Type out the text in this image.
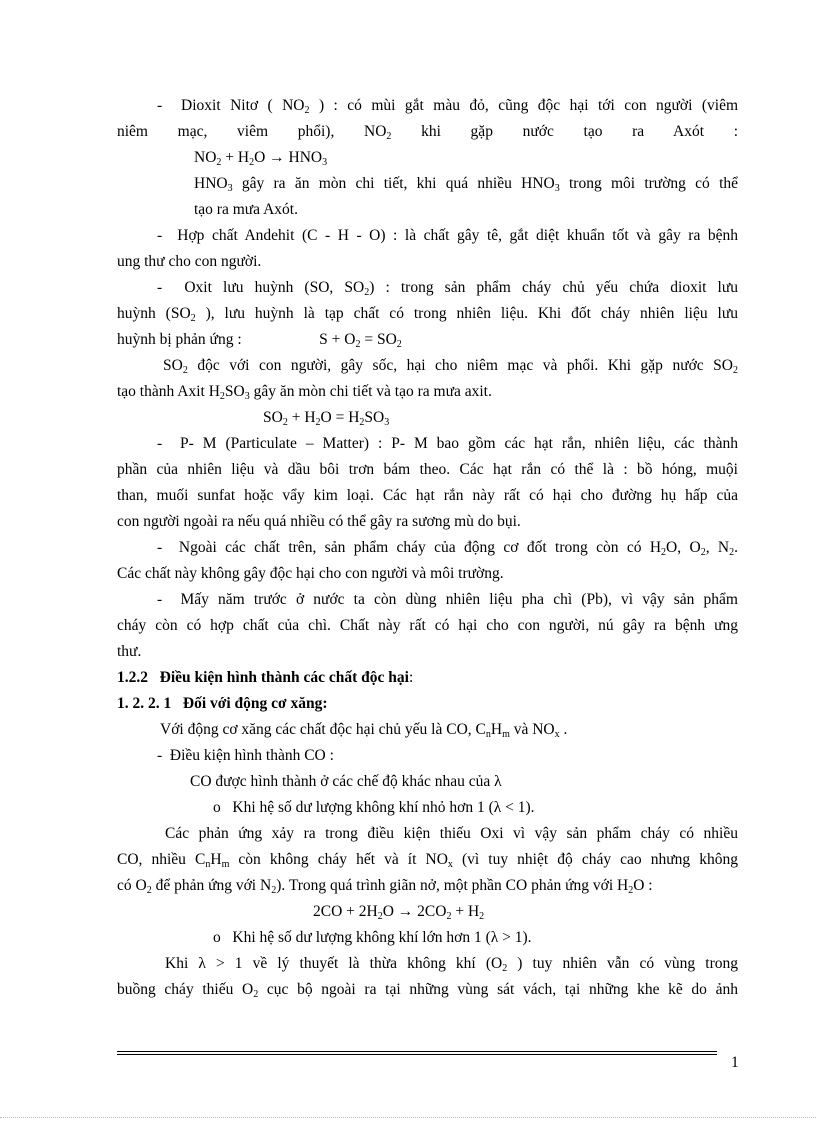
-  Dioxit Nitơ ( $NO_2$ ) : có mùi gắt màu đỏ, cũng độc hại tới con người (viêm
niêm mạc, viêm phổi), $NO_2$ khi gặp nước tạo ra Axót :
$NO_2 + H_2O \to HNO_3$
$HNO_3$ gây ra ăn mòn chi tiết, khi quá nhiều $HNO_3$ trong môi trường có thể
tạo ra mưa Axót.
-  Hợp chất Andehit (C - H - O) : là chất gây tê, gắt diệt khuẩn tốt và gây ra bệnh
ung thư cho con người.
-  Oxit lưu huỳnh (SO, $SO_2$) : trong sản phẩm cháy chủ yếu chứa dioxit lưu
huỳnh ($SO_2$ ), lưu huỳnh là tạp chất có trong nhiên liệu. Khi đốt cháy nhiên liệu lưu
huỳnh bị phản ứng :                    $S + O_2 = SO_2$
$SO_2$ độc với con người, gây sốc, hại cho niêm mạc và phổi. Khi gặp nước $SO_2$
tạo thành Axit $H_2SO_3$ gây ăn mòn chi tiết và tạo ra mưa axit.
$SO_2 + H_2O = H_2SO_3$
-  P- M (Particulate – Matter) : P- M bao gồm các hạt rắn, nhiên liệu, các thành
phần của nhiên liệu và dầu bôi trơn bám theo. Các hạt rắn có thể là : bồ hóng, muội
than, muối sunfat hoặc vẩy kim loại. Các hạt rắn này rất có hại cho đường hụ hấp của
con người ngoài ra nếu quá nhiều có thể gây ra sương mù do bụi.
-  Ngoài các chất trên, sản phẩm cháy của động cơ đốt trong còn có $H_2O$, $O_2$, $N_2$.
Các chất này không gây độc hại cho con người và môi trường.
-  Mấy năm trước ở nước ta còn dùng nhiên liệu pha chì (Pb), vì vậy sản phẩm
cháy còn có hợp chất của chì. Chất này rất có hại cho con người, nú gây ra bệnh ưng
thư.
1.2.2   Điều kiện hình thành các chất độc hại:
1. 2. 2. 1   Đối với động cơ xăng:
Với động cơ xăng các chất độc hại chủ yếu là CO, $C_nH_m$ và $NO_x$ .
-  Điều kiện hình thành CO :
CO được hình thành ở các chế độ khác nhau của λ
o   Khi hệ số dư lượng không khí nhỏ hơn 1 (λ < 1).
Các phản ứng xảy ra trong điều kiện thiếu Oxi vì vậy sản phẩm cháy có nhiều
CO, nhiều $C_nH_m$ còn không cháy hết và ít $NO_x$ (vì tuy nhiệt độ cháy cao nhưng không
có $O_2$ để phản ứng với $N_2$). Trong quá trình giãn nở, một phần CO phản ứng với $H_2O$ :
$2CO + 2H_2O \to 2CO_2 + H_2$
o   Khi hệ số dư lượng không khí lớn hơn 1 (λ > 1).
Khi λ > 1 về lý thuyết là thừa không khí ($O_2$ ) tuy nhiên vẫn có vùng trong
buồng cháy thiếu $O_2$ cục bộ ngoài ra tại những vùng sát vách, tại những khe kẽ do ảnh
1
